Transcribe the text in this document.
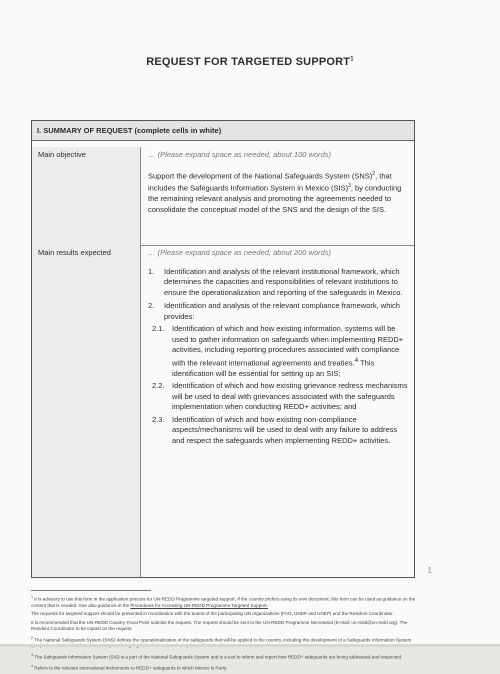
REQUEST FOR TARGETED SUPPORT$^1$
I. SUMMARY OF REQUEST (complete cells in white)
Main objective	… (Please expand space as needed, about 100 words)
Support the development of the National Safeguards System (SNS)$^2$, that includes the Safeguards Information System in Mexico (SIS)$^3$, by conducting the remaining relevant analysis and promoting the agreements needed to consolidate the conceptual model of the SNS and the design of the SIS.
Main results expected	… (Please expand space as needed, about 200 words)
1. Identification and analysis of the relevant institutional framework, which determines the capacities and responsibilities of relevant institutions to ensure the operationalization and reporting of the safeguards in Mexico.
2. Identification and analysis of the relevant compliance framework, which provides:
2.1. Identification of which and how existing information, systems will be used to gather information on safeguards when implementing REDD+ activities, including reporting procedures associated with compliance with the relevant international agreements and treaties.$^4$ This identification will be essential for setting up an SIS;
2.2. Identification of which and how existing grievance redress mechanisms will be used to deal with grievances associated with the safeguards implementation when conducting REDD+ activities; and
2.3. Identification of which and how existing non-compliance aspects/mechanisms will be used to deal with any failure to address and respect the safeguards when implementing REDD+ activities.
1

$^1$ It is advisory to use this form in the application process for UN-REDD Programme targeted support. If the country prefers using its own document, this form can be used as guidance on the content that is needed. See also guidance in the Procedures for Accessing UN-REDD Programme Targeted Support.

The requests for targeted support should be presented in coordination with the teams of the participating UN organizations (FAO, UNDP and UNEP) and the Resident Coordinator.

It is recommended that the UN-REDD Country Focal Point submits the request. The request should be sent to the UN-REDD Programme Secretariat (E-mail: un-redd@un-redd.org). The Resident Coordinator to be copied on the request.

$^2$ The National Safeguards System (SNS) defines the operationalization of the safeguards that will be applied in the country, including the development of a Safeguards Information System

$^3$ The Safeguards Information System (SIS) is a part of the National Safeguards System and is a tool to inform and report how REDD+ safeguards are being addressed and respected.

$^4$ Refers to the relevant international instruments to REDD+ safeguards to which Mexico is Party.
